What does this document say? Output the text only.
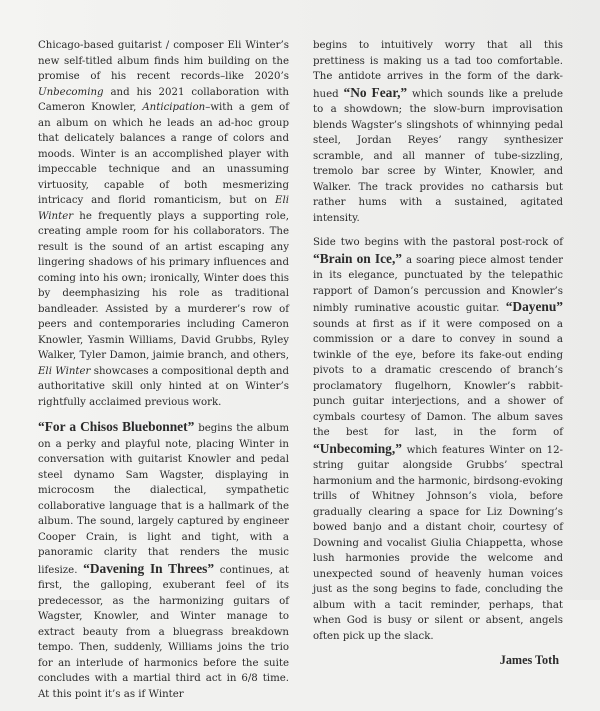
Chicago-based guitarist / composer Eli Winter’s new self-titled album finds him building on the promise of his recent records–like 2020’s Unbecoming and his 2021 collaboration with Cameron Knowler, Anticipation–with a gem of an album on which he leads an ad-hoc group that delicately balances a range of colors and moods. Winter is an accomplished player with impeccable technique and an unassuming virtuosity, capable of both mesmerizing intricacy and florid romanticism, but on Eli Winter he frequently plays a supporting role, creating ample room for his collaborators. The result is the sound of an artist escaping any lingering shadows of his primary influences and coming into his own; ironically, Winter does this by deemphasizing his role as traditional bandleader. Assisted by a murderer’s row of peers and contemporaries including Cameron Knowler, Yasmin Williams, David Grubbs, Ryley Walker, Tyler Damon, jaimie branch, and others, Eli Winter showcases a compositional depth and authoritative skill only hinted at on Winter’s rightfully acclaimed previous work.

“For a Chisos Bluebonnet” begins the album on a perky and playful note, placing Winter in conversation with guitarist Knowler and pedal steel dynamo Sam Wagster, displaying in microcosm the dialectical, sympathetic collaborative language that is a hallmark of the album. The sound, largely captured by engineer Cooper Crain, is light and tight, with a panoramic clarity that renders the music lifesize. “Davening In Threes” continues, at first, the galloping, exuberant feel of its predecessor, as the harmonizing guitars of Wagster, Knowler, and Winter manage to extract beauty from a bluegrass breakdown tempo. Then, suddenly, Williams joins the trio for an interlude of harmonics before the suite concludes with a martial third act in 6/8 time. At this point it’s as if Winter

begins to intuitively worry that all this prettiness is making us a tad too comfortable. The antidote arrives in the form of the dark-hued “No Fear,” which sounds like a prelude to a showdown; the slow-burn improvisation blends Wagster’s slingshots of whinnying pedal steel, Jordan Reyes’ rangy synthesizer scramble, and all manner of tube-sizzling, tremolo bar scree by Winter, Knowler, and Walker. The track provides no catharsis but rather hums with a sustained, agitated intensity.

Side two begins with the pastoral post-rock of “Brain on Ice,” a soaring piece almost tender in its elegance, punctuated by the telepathic rapport of Damon’s percussion and Knowler’s nimbly ruminative acoustic guitar. “Dayenu” sounds at first as if it were composed on a commission or a dare to convey in sound a twinkle of the eye, before its fake-out ending pivots to a dramatic crescendo of branch’s proclamatory flugelhorn, Knowler’s rabbit-punch guitar interjections, and a shower of cymbals courtesy of Damon. The album saves the best for last, in the form of “Unbecoming,” which features Winter on 12-string guitar alongside Grubbs’ spectral harmonium and the harmonic, birdsong-evoking trills of Whitney Johnson’s viola, before gradually clearing a space for Liz Downing’s bowed banjo and a distant choir, courtesy of Downing and vocalist Giulia Chiappetta, whose lush harmonies provide the welcome and unexpected sound of heavenly human voices just as the song begins to fade, concluding the album with a tacit reminder, perhaps, that when God is busy or silent or absent, angels often pick up the slack.

James Toth
